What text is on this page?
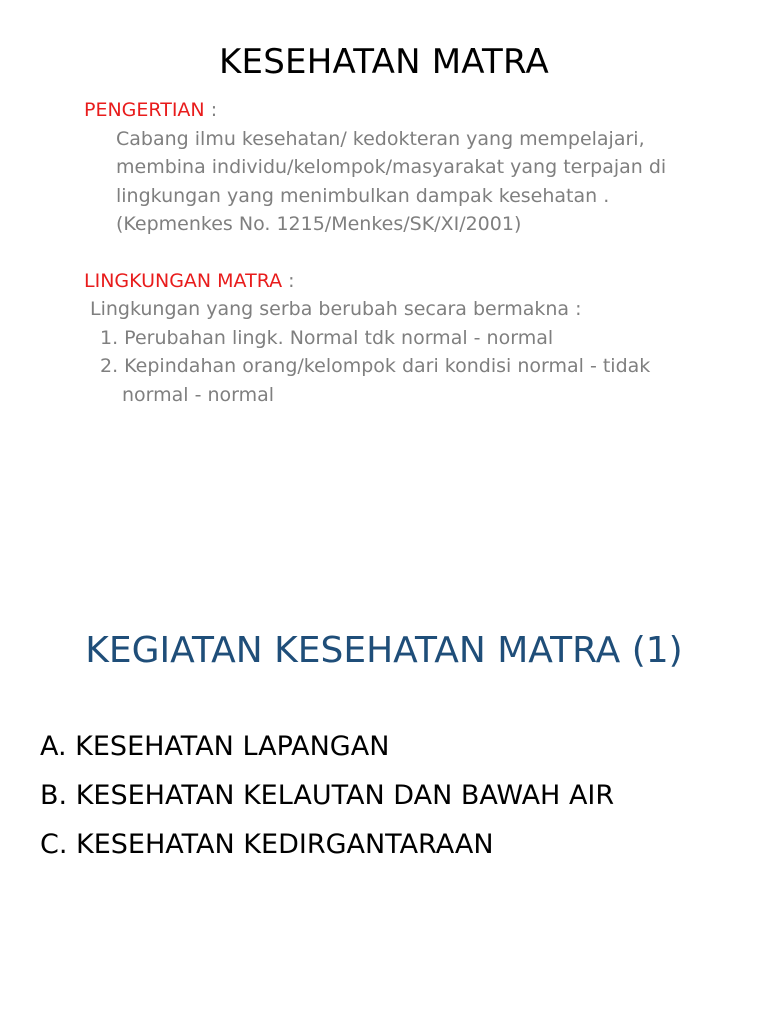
KESEHATAN MATRA
PENGERTIAN :
Cabang ilmu kesehatan/ kedokteran yang mempelajari,
membina individu/kelompok/masyarakat yang terpajan di
lingkungan yang menimbulkan dampak kesehatan .
(Kepmenkes No. 1215/Menkes/SK/XI/2001)
LINGKUNGAN MATRA :
Lingkungan yang serba berubah secara bermakna :
1. Perubahan lingk. Normal tdk normal - normal
2. Kepindahan orang/kelompok dari kondisi normal - tidak
normal - normal
KEGIATAN KESEHATAN MATRA (1)
A. KESEHATAN LAPANGAN
B. KESEHATAN KELAUTAN DAN BAWAH AIR
C. KESEHATAN KEDIRGANTARAAN
